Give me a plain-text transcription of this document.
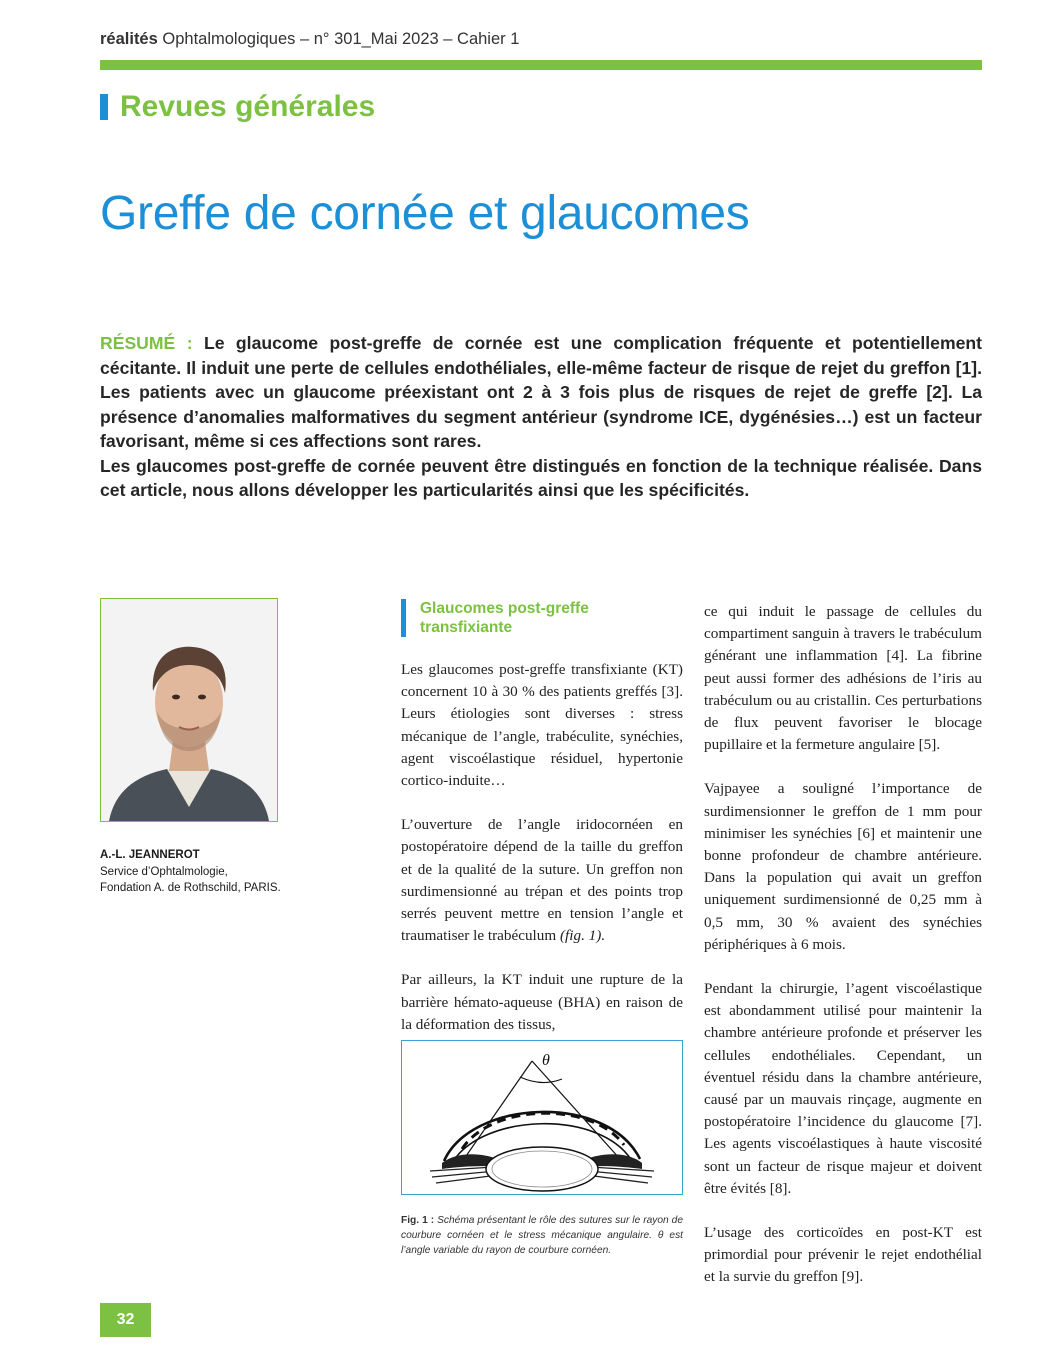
réalités Ophtalmologiques – n° 301_Mai 2023 – Cahier 1
Revues générales
Greffe de cornée et glaucomes

RÉSUMÉ : Le glaucome post-greffe de cornée est une complication fréquente et potentiellement cécitante. Il induit une perte de cellules endothéliales, elle-même facteur de risque de rejet du greffon [1]. Les patients avec un glaucome préexistant ont 2 à 3 fois plus de risques de rejet de greffe [2]. La présence d’anomalies malformatives du segment antérieur (syndrome ICE, dygénésies…) est un facteur favorisant, même si ces affections sont rares.

Les glaucomes post-greffe de cornée peuvent être distingués en fonction de la technique réalisée. Dans cet article, nous allons développer les particularités ainsi que les spécificités.

A.-L. JEANNEROT
Service d’Ophtalmologie,
Fondation A. de Rothschild, PARIS.
Glaucomes post-greffe transfixiante

Les glaucomes post-greffe transfixiante (KT) concernent 10 à 30 % des patients greffés [3]. Leurs étiologies sont diverses : stress mécanique de l’angle, trabéculite, synéchies, agent viscoélastique résiduel, hypertonie cortico-induite…

L’ouverture de l’angle iridocornéen en postopératoire dépend de la taille du greffon et de la qualité de la suture. Un greffon non surdimensionné au trépan et des points trop serrés peuvent mettre en tension l’angle et traumatiser le trabéculum (fig. 1).

Par ailleurs, la KT induit une rupture de la barrière hémato-aqueuse (BHA) en raison de la déformation des tissus,

θ
Fig. 1 : Schéma présentant le rôle des sutures sur le rayon de courbure cornéen et le stress mécanique angulaire. θ est l’angle variable du rayon de courbure cornéen.

ce qui induit le passage de cellules du compartiment sanguin à travers le trabéculum générant une inflammation [4]. La fibrine peut aussi former des adhésions de l’iris au trabéculum ou au cristallin. Ces perturbations de flux peuvent favoriser le blocage pupillaire et la fermeture angulaire [5].

Vajpayee a souligné l’importance de surdimensionner le greffon de 1 mm pour minimiser les synéchies [6] et maintenir une bonne profondeur de chambre antérieure. Dans la population qui avait un greffon uniquement surdimensionné de 0,25 mm à 0,5 mm, 30 % avaient des synéchies périphériques à 6 mois.

Pendant la chirurgie, l’agent viscoélastique est abondamment utilisé pour maintenir la chambre antérieure profonde et préserver les cellules endothéliales. Cependant, un éventuel résidu dans la chambre antérieure, causé par un mauvais rinçage, augmente en postopératoire l’incidence du glaucome [7]. Les agents viscoélastiques à haute viscosité sont un facteur de risque majeur et doivent être évités [8].

L’usage des corticoïdes en post-KT est primordial pour prévenir le rejet endothélial et la survie du greffon [9].

32
